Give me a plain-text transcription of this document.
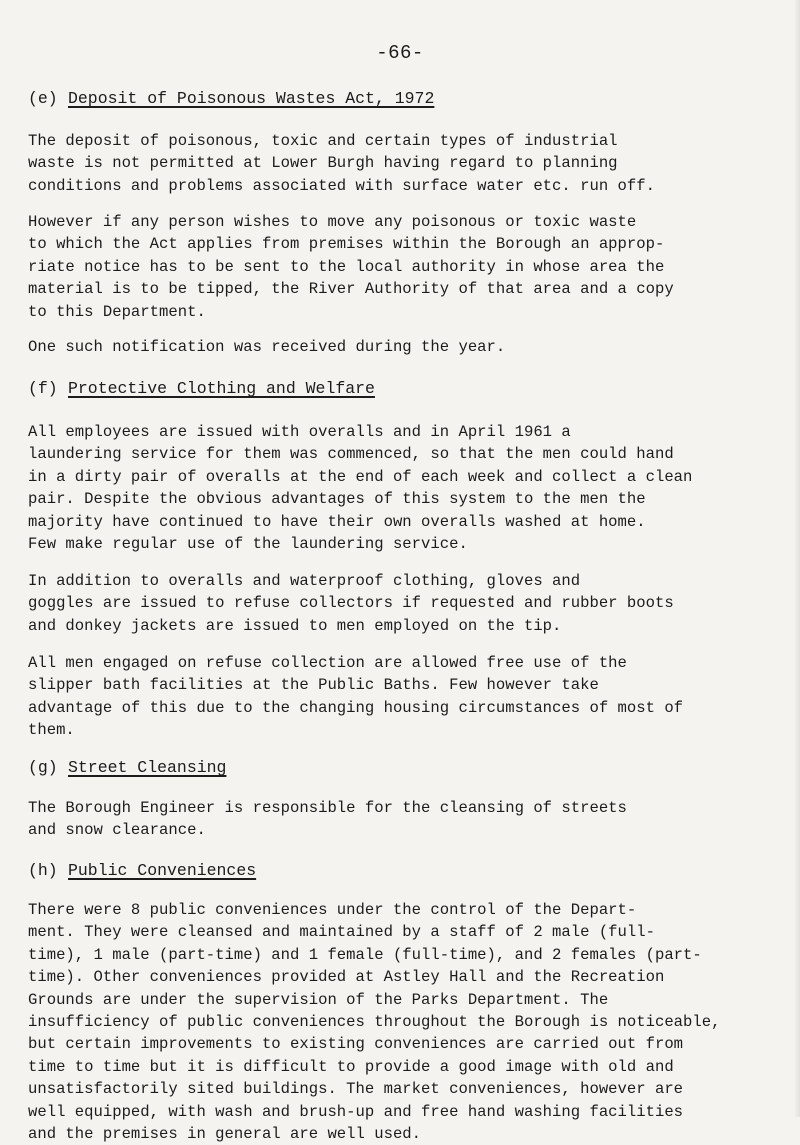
-66-
(e) Deposit of Poisonous Wastes Act, 1972

The deposit of poisonous, toxic and certain types of industrial
waste is not permitted at Lower Burgh having regard to planning
conditions and problems associated with surface water etc. run off.

However if any person wishes to move any poisonous or toxic waste
to which the Act applies from premises within the Borough an approp-
riate notice has to be sent to the local authority in whose area the
material is to be tipped, the River Authority of that area and a copy
to this Department.

One such notification was received during the year.

(f) Protective Clothing and Welfare

All employees are issued with overalls and in April 1961 a
laundering service for them was commenced, so that the men could hand
in a dirty pair of overalls at the end of each week and collect a clean
pair. Despite the obvious advantages of this system to the men the
majority have continued to have their own overalls washed at home.
Few make regular use of the laundering service.

In addition to overalls and waterproof clothing, gloves and
goggles are issued to refuse collectors if requested and rubber boots
and donkey jackets are issued to men employed on the tip.

All men engaged on refuse collection are allowed free use of the
slipper bath facilities at the Public Baths. Few however take
advantage of this due to the changing housing circumstances of most of
them.

(g) Street Cleansing

The Borough Engineer is responsible for the cleansing of streets
and snow clearance.

(h) Public Conveniences

There were 8 public conveniences under the control of the Depart-
ment. They were cleansed and maintained by a staff of 2 male (full-
time), 1 male (part-time) and 1 female (full-time), and 2 females (part-
time). Other conveniences provided at Astley Hall and the Recreation
Grounds are under the supervision of the Parks Department. The
insufficiency of public conveniences throughout the Borough is noticeable,
but certain improvements to existing conveniences are carried out from
time to time but it is difficult to provide a good image with old and
unsatisfactorily sited buildings. The market conveniences, however are
well equipped, with wash and brush-up and free hand washing facilities
and the premises in general are well used.
